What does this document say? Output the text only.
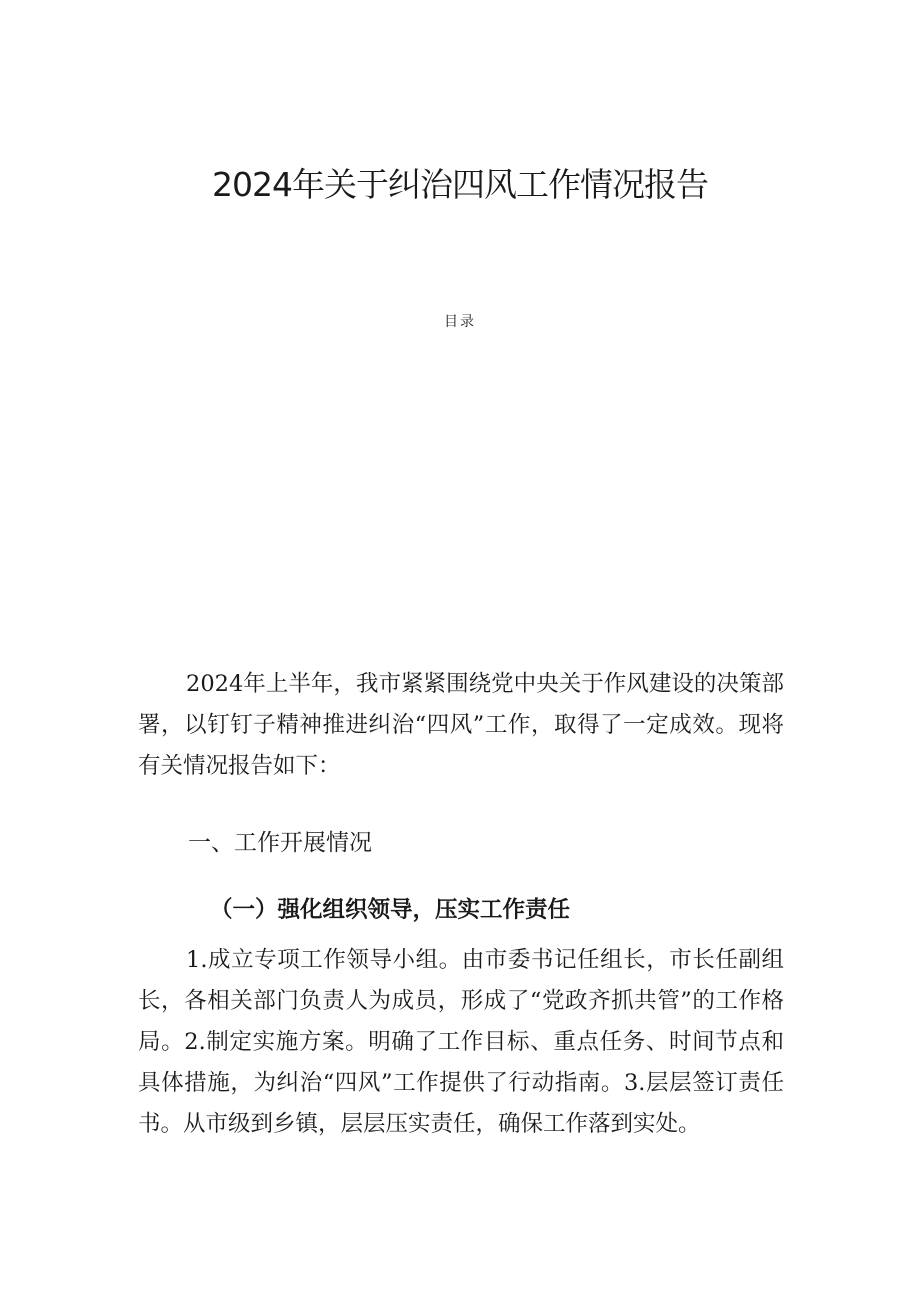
2024年关于纠治四风工作情况报告
目录

2024年上半年，我市紧紧围绕党中央关于作风建设的决策部署，以钉钉子精神推进纠治“四风”工作，取得了一定成效。现将有关情况报告如下：

一、工作开展情况
（一）强化组织领导，压实工作责任

1.成立专项工作领导小组。由市委书记任组长，市长任副组长，各相关部门负责人为成员，形成了“党政齐抓共管”的工作格局。2.制定实施方案。明确了工作目标、重点任务、时间节点和具体措施，为纠治“四风”工作提供了行动指南。3.层层签订责任书。从市级到乡镇，层层压实责任，确保工作落到实处。
